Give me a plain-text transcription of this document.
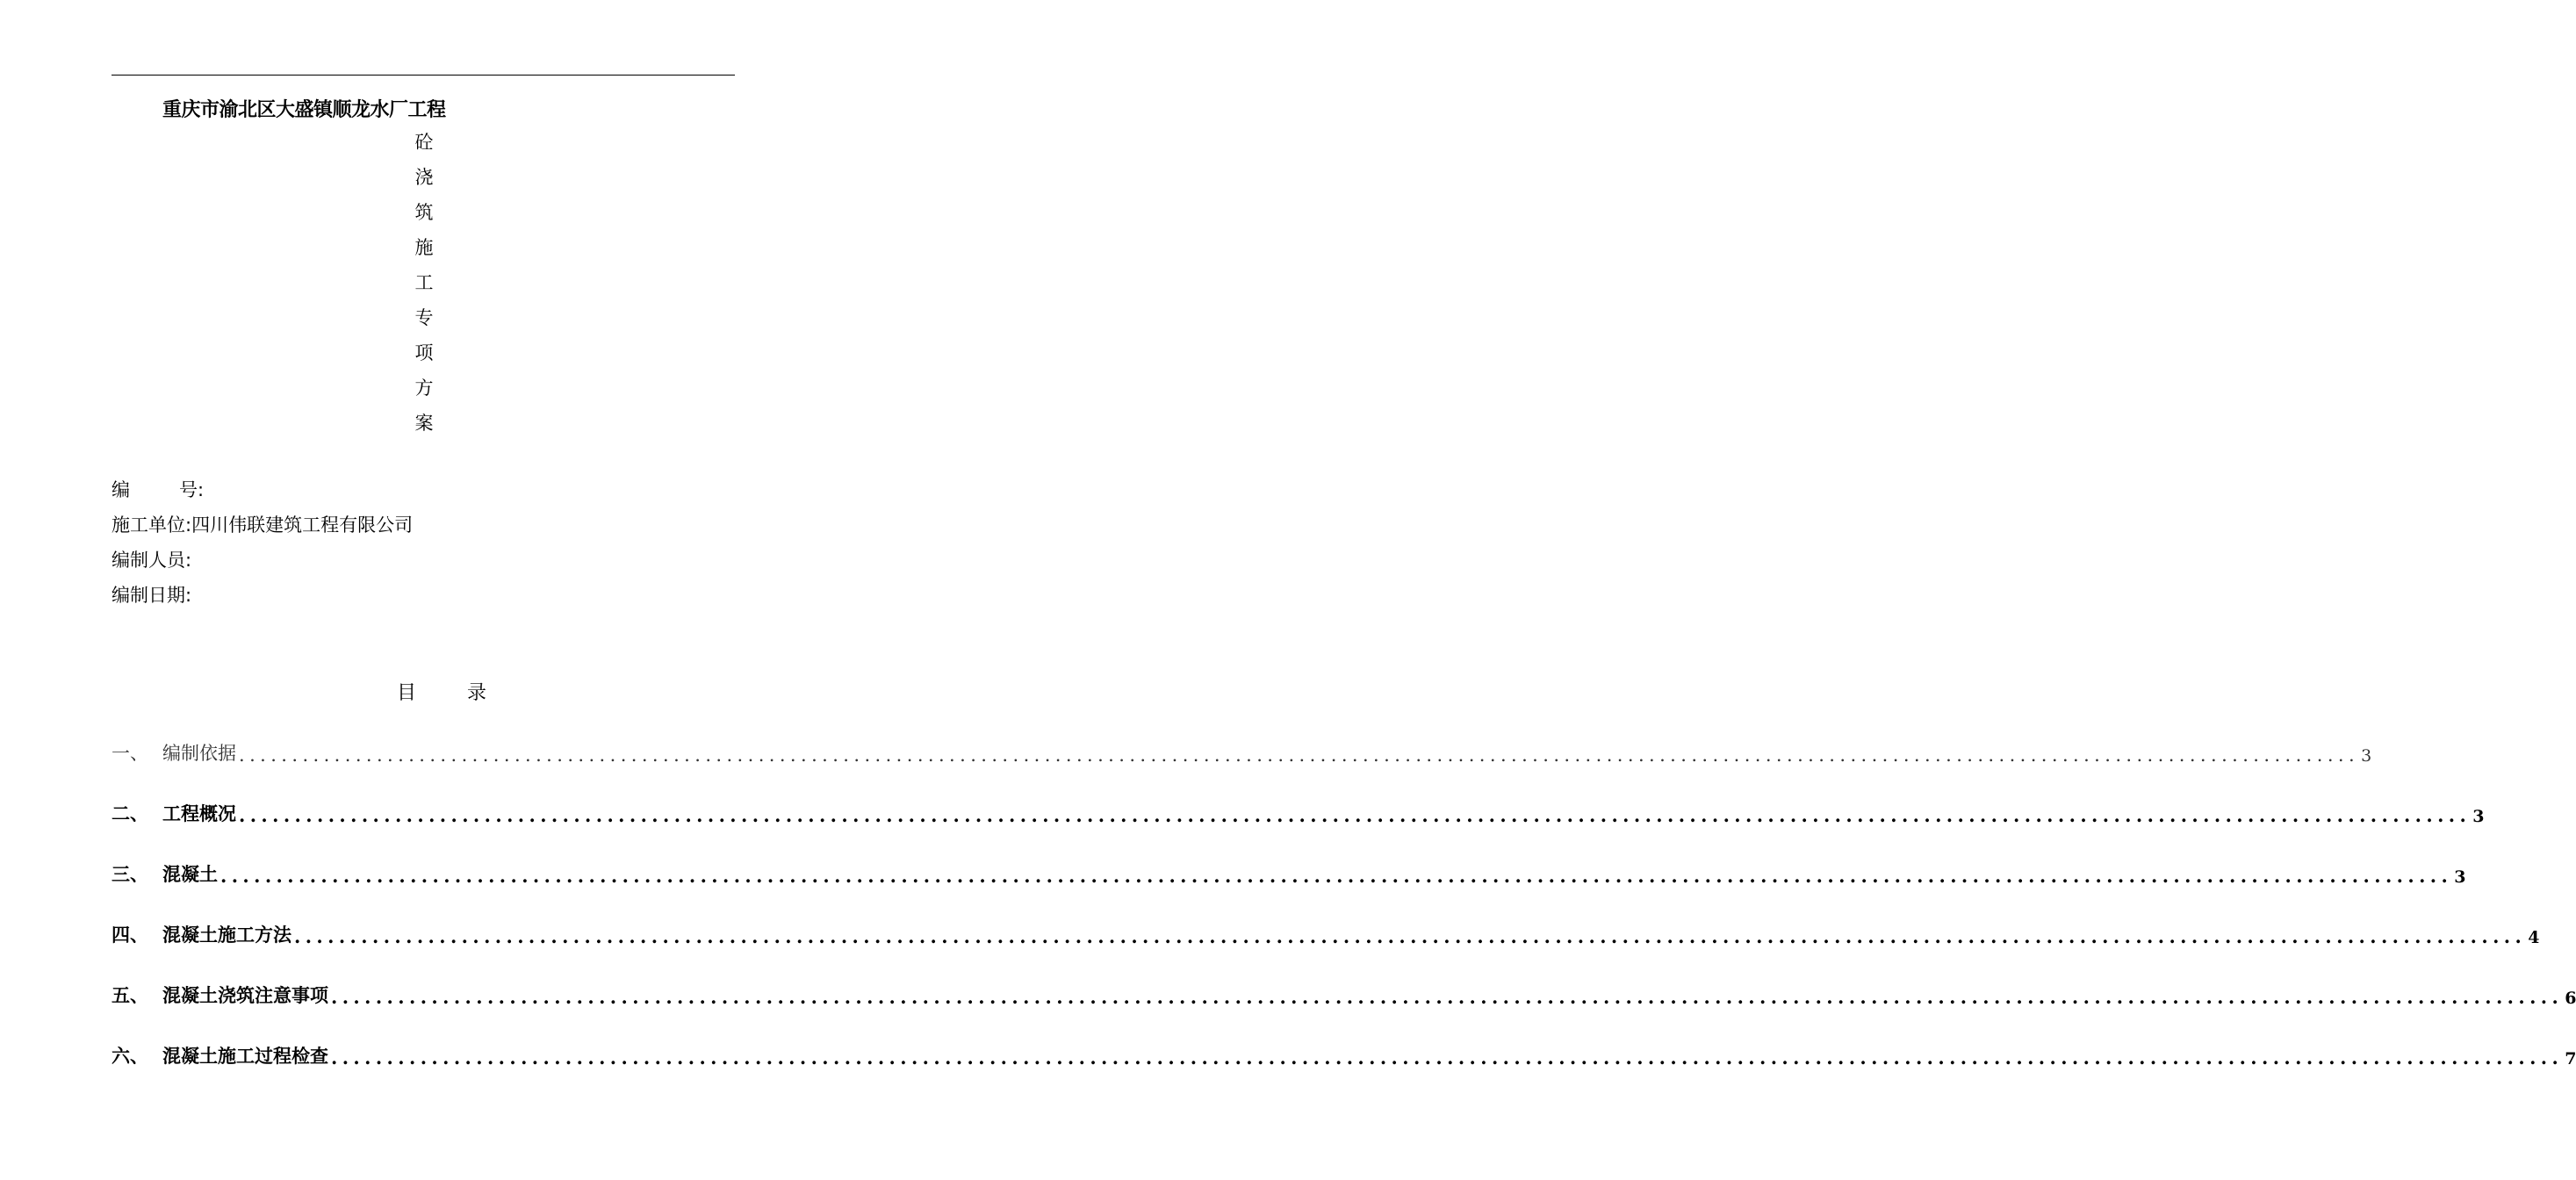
重庆市渝北区大盛镇顺龙水厂工程
砼
浇
筑
施
工
专
项
方
案
编	号:
施工单位:四川伟联建筑工程有限公司
编制人员:
编制日期:
目	录
一、 编制依据 ........................................................................................................................................................................................................ 3
二、 工程概况 ........................................................................................................................................................................................................ 3
三、 混凝土 ........................................................................................................................................................................................................ 3
四、 混凝土施工方法 ........................................................................................................................................................................................................ 4
五、 混凝土浇筑注意事项 ........................................................................................................................................................................................................ 6
六、 混凝土施工过程检查 ........................................................................................................................................................................................................ 7
